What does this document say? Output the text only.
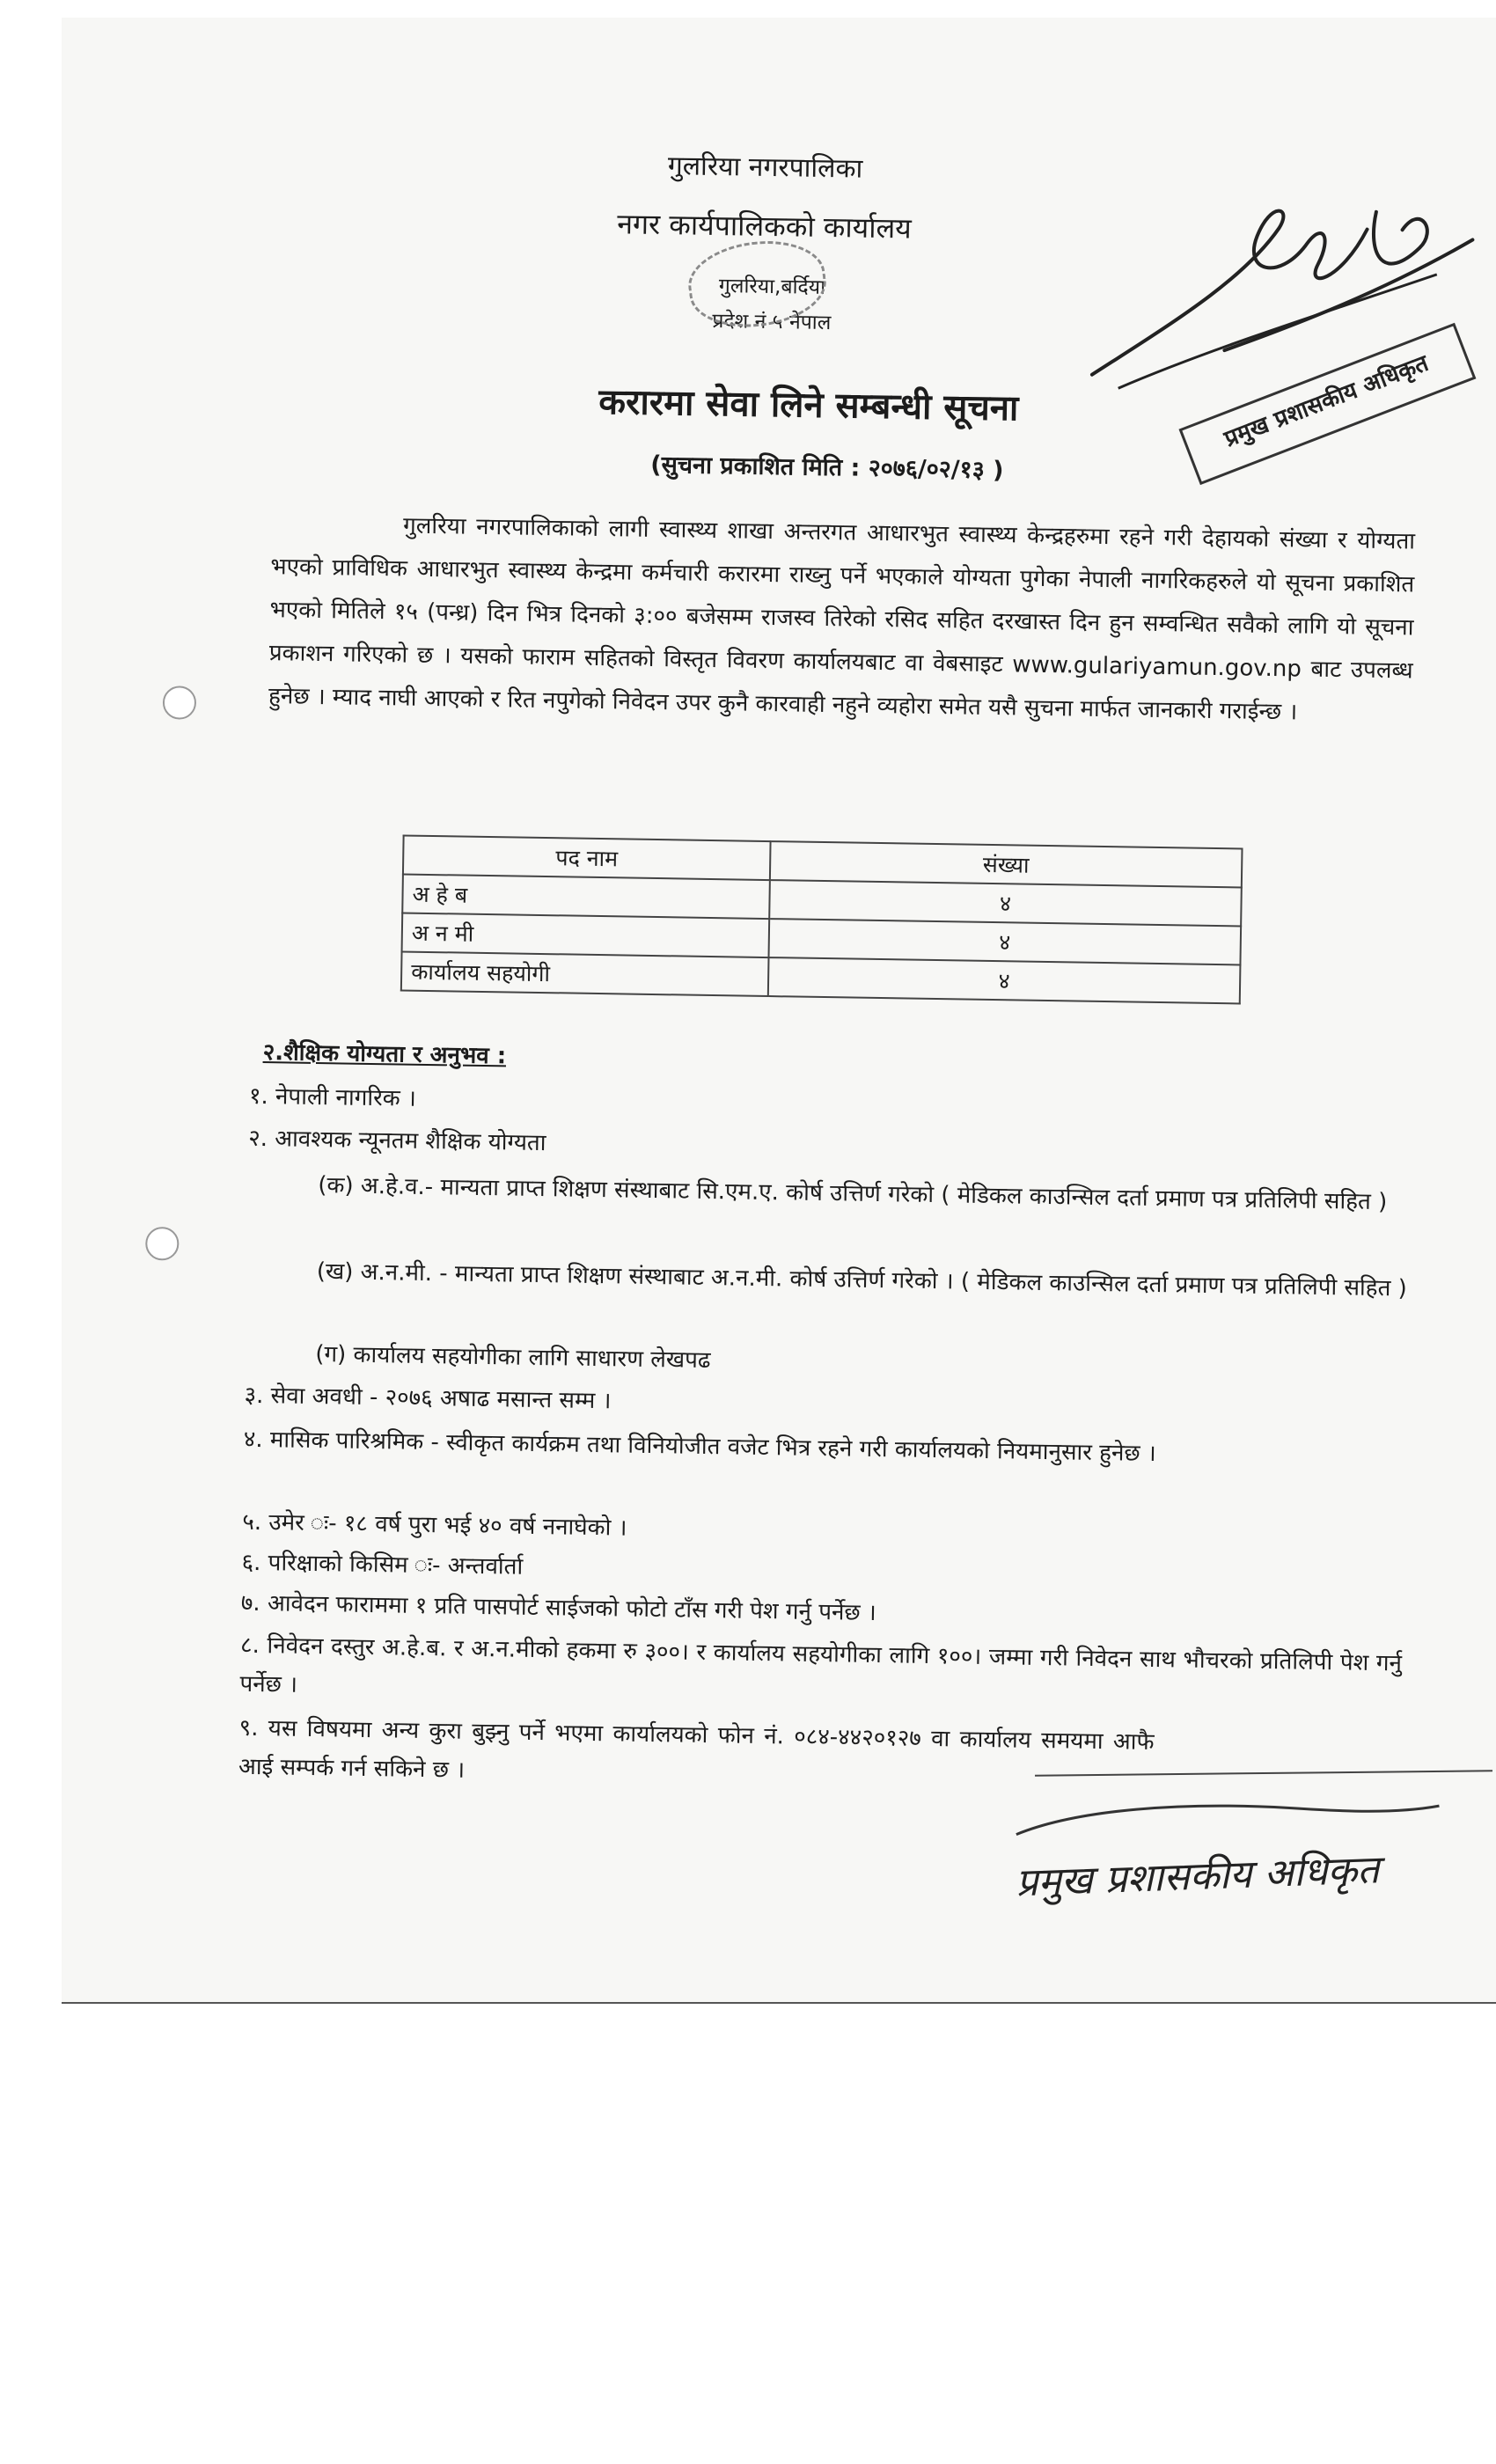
गुलरिया नगरपालिका
नगर कार्यपालिकको कार्यालय
गुलरिया,बर्दिया
प्रदेश नं ५ नेपाल
प्रमुख प्रशासकीय अधिकृत
करारमा सेवा लिने सम्बन्धी सूचना
(सुचना प्रकाशित मिति : २०७६/०२/१३ )
गुलरिया नगरपालिकाको लागी स्वास्थ्य शाखा अन्तरगत आधारभुत स्वास्थ्य केन्द्रहरुमा रहने गरी देहायको संख्या र योग्यता भएको प्राविधिक आधारभुत स्वास्थ्य केन्द्रमा कर्मचारी करारमा राख्नु पर्ने भएकाले योग्यता पुगेका नेपाली नागरिकहरुले यो सूचना प्रकाशित भएको मितिले १५ (पन्ध्र) दिन भित्र दिनको ३:०० बजेसम्म राजस्व तिरेको रसिद सहित दरखास्त दिन हुन सम्वन्धित सवैको लागि यो सूचना प्रकाशन गरिएको छ । यसको फाराम सहितको विस्तृत विवरण कार्यालयबाट वा वेबसाइट www.gulariyamun.gov.np बाट उपलब्ध हुनेछ । म्याद नाघी आएको र रित नपुगेको निवेदन उपर कुनै कारवाही नहुने व्यहोरा समेत यसै सुचना मार्फत जानकारी गराईन्छ ।
पद नाम	संख्या
अ हे ब	४
अ न मी	४
कार्यालय सहयोगी	४
२.शैक्षिक योग्यता र अनुभव :
१. नेपाली नागरिक ।
२. आवश्यक न्यूनतम शैक्षिक योग्यता
(क) अ.हे.व.- मान्यता प्राप्त शिक्षण संस्थाबाट सि.एम.ए. कोर्ष उत्तिर्ण गरेको ( मेडिकल काउन्सिल दर्ता प्रमाण पत्र प्रतिलिपी सहित )
(ख) अ.न.मी. - मान्यता प्राप्त शिक्षण संस्थाबाट अ.न.मी. कोर्ष उत्तिर्ण गरेको । ( मेडिकल काउन्सिल दर्ता प्रमाण पत्र प्रतिलिपी सहित )
(ग) कार्यालय सहयोगीका लागि साधारण लेखपढ
३. सेवा अवधी - २०७६ अषाढ मसान्त सम्म ।
४. मासिक पारिश्रमिक - स्वीकृत कार्यक्रम तथा विनियोजीत वजेट भित्र रहने गरी कार्यालयको नियमानुसार हुनेछ ।
५. उमेर ः- १८ वर्ष पुरा भई ४० वर्ष ननाघेको ।
६. परिक्षाको किसिम ः- अन्तर्वार्ता
७. आवेदन फाराममा १ प्रति पासपोर्ट साईजको फोटो टाँस गरी पेश गर्नु पर्नेछ ।
८. निवेदन दस्तुर अ.हे.ब. र अ.न.मीको हकमा रु ३००। र कार्यालय सहयोगीका लागि १००। जम्मा गरी निवेदन साथ भौचरको प्रतिलिपी पेश गर्नु पर्नेछ ।
९. यस विषयमा अन्य कुरा बुझ्नु पर्ने भएमा कार्यालयको फोन नं. ०८४-४४२०१२७ वा कार्यालय समयमा आफै आई सम्पर्क गर्न सकिने छ ।
प्रमुख प्रशासकीय अधिकृत
